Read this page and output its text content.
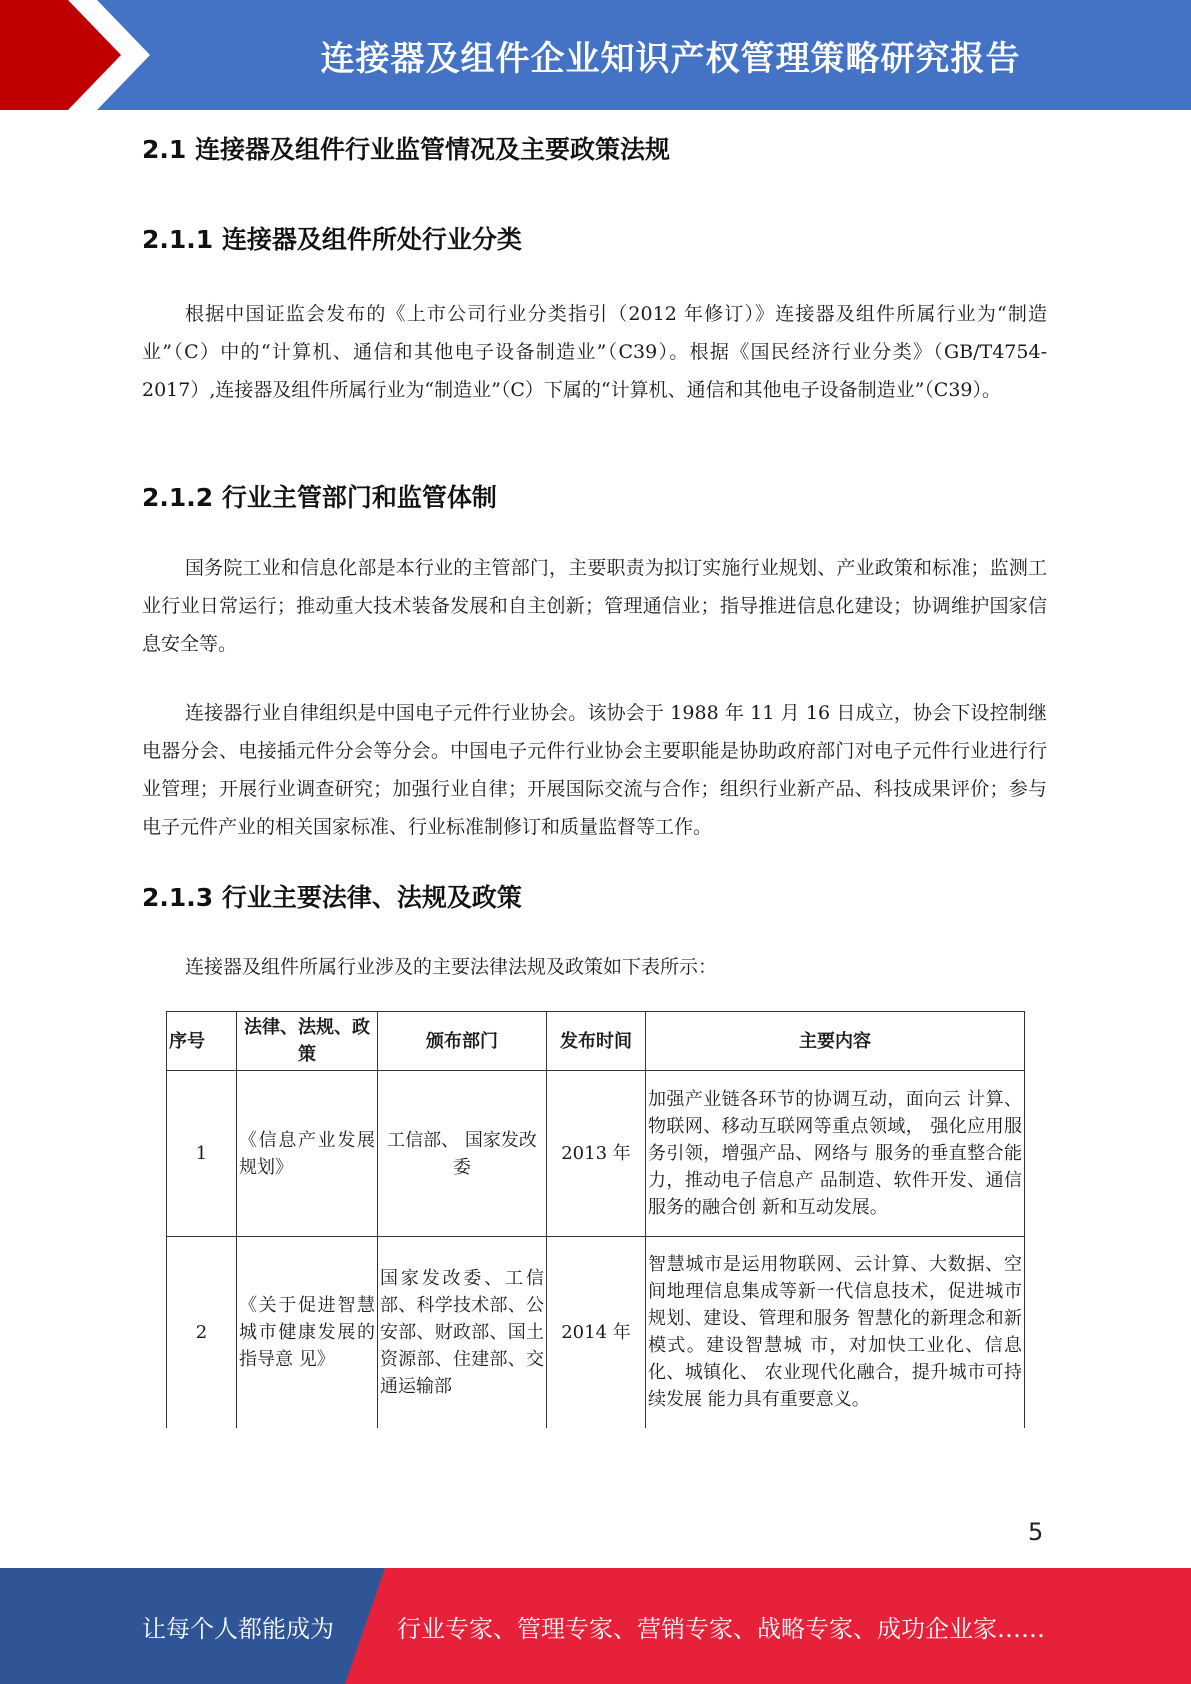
连接器及组件企业知识产权管理策略研究报告
2.1 连接器及组件行业监管情况及主要政策法规
2.1.1 连接器及组件所处行业分类
根据中国证监会发布的《上市公司行业分类指引（2012 年修订）》连接器及组件所属行业为“制造业”（C）中的“计算机、通信和其他电子设备制造业”（C39）。根据《国民经济行业分类》（GB/T4754-2017）,连接器及组件所属行业为“制造业”（C）下属的“计算机、通信和其他电子设备制造业”（C39）。
2.1.2 行业主管部门和监管体制
国务院工业和信息化部是本行业的主管部门，主要职责为拟订实施行业规划、产业政策和标准；监测工业行业日常运行；推动重大技术装备发展和自主创新；管理通信业；指导推进信息化建设；协调维护国家信息安全等。
连接器行业自律组织是中国电子元件行业协会。该协会于 1988 年 11 月 16 日成立，协会下设控制继电器分会、电接插元件分会等分会。中国电子元件行业协会主要职能是协助政府部门对电子元件行业进行行业管理；开展行业调查研究；加强行业自律；开展国际交流与合作；组织行业新产品、科技成果评价；参与电子元件产业的相关国家标准、行业标准制修订和质量监督等工作。
2.1.3 行业主要法律、法规及政策
连接器及组件所属行业涉及的主要法律法规及政策如下表所示：
序号	法律、法规、政策	颁布部门	发布时间	主要内容
1	《信息产业发展规划》	工信部、 国家发改委	2013 年	加强产业链各环节的协调互动，面向云 计算、物联网、移动互联网等重点领域， 强化应用服务引领，增强产品、网络与 服务的垂直整合能力，推动电子信息产 品制造、软件开发、通信服务的融合创 新和互动发展。
2	《关于促进智慧城市健康发展的指导意 见》	国家发改委、工信部、科学技术部、公安部、财政部、国土资源部、住建部、交通运输部	2014 年	智慧城市是运用物联网、云计算、大数据、空间地理信息集成等新一代信息技术，促进城市规划、建设、管理和服务 智慧化的新理念和新模式。建设智慧城 市，对加快工业化、信息化、城镇化、 农业现代化融合，提升城市可持续发展 能力具有重要意义。
5
让每个人都能成为	行业专家、管理专家、营销专家、战略专家、成功企业家……
